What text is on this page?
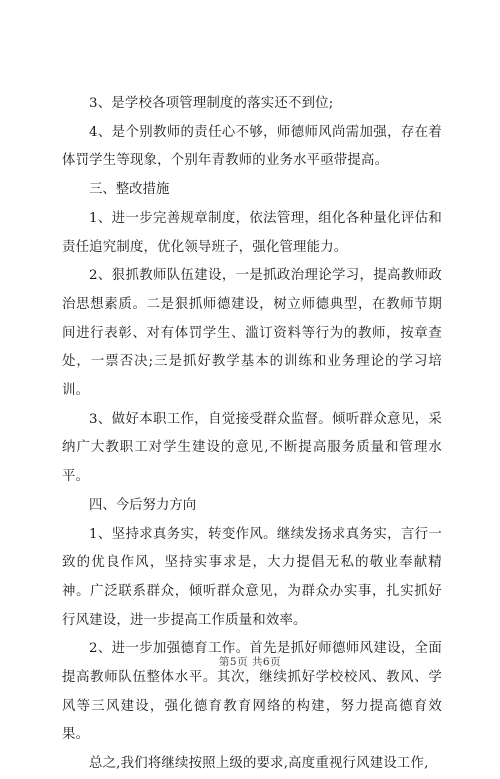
3、是学校各项管理制度的落实还不到位;

4、是个别教师的责任心不够，师德师风尚需加强，存在着体罚学生等现象，个别年青教师的业务水平亟带提高。

三、整改措施

1、进一步完善规章制度，依法管理，组化各种量化评估和责任追究制度，优化领导班子，强化管理能力。

2、狠抓教师队伍建设，一是抓政治理论学习，提高教师政治思想素质。二是狠抓师德建设，树立师德典型，在教师节期间进行表彰、对有体罚学生、滥订资料等行为的教师，按章查处，一票否决;三是抓好教学基本的训练和业务理论的学习培训。

3、做好本职工作，自觉接受群众监督。倾听群众意见，采纳广大教职工对学生建设的意见,不断提高服务质量和管理水平。

四、今后努力方向

1、坚持求真务实，转变作风。继续发扬求真务实，言行一致的优良作风，坚持实事求是，大力提倡无私的敬业奉献精神。广泛联系群众，倾听群众意见，为群众办实事，扎实抓好行风建设，进一步提高工作质量和效率。

2、进一步加强德育工作。首先是抓好师德师风建设，全面提高教师队伍整体水平。其次，继续抓好学校校风、教风、学风等三风建设，强化德育教育网络的构建，努力提高德育效果。

总之,我们将继续按照上级的要求,高度重视行风建设工作,

第5页 共6页
